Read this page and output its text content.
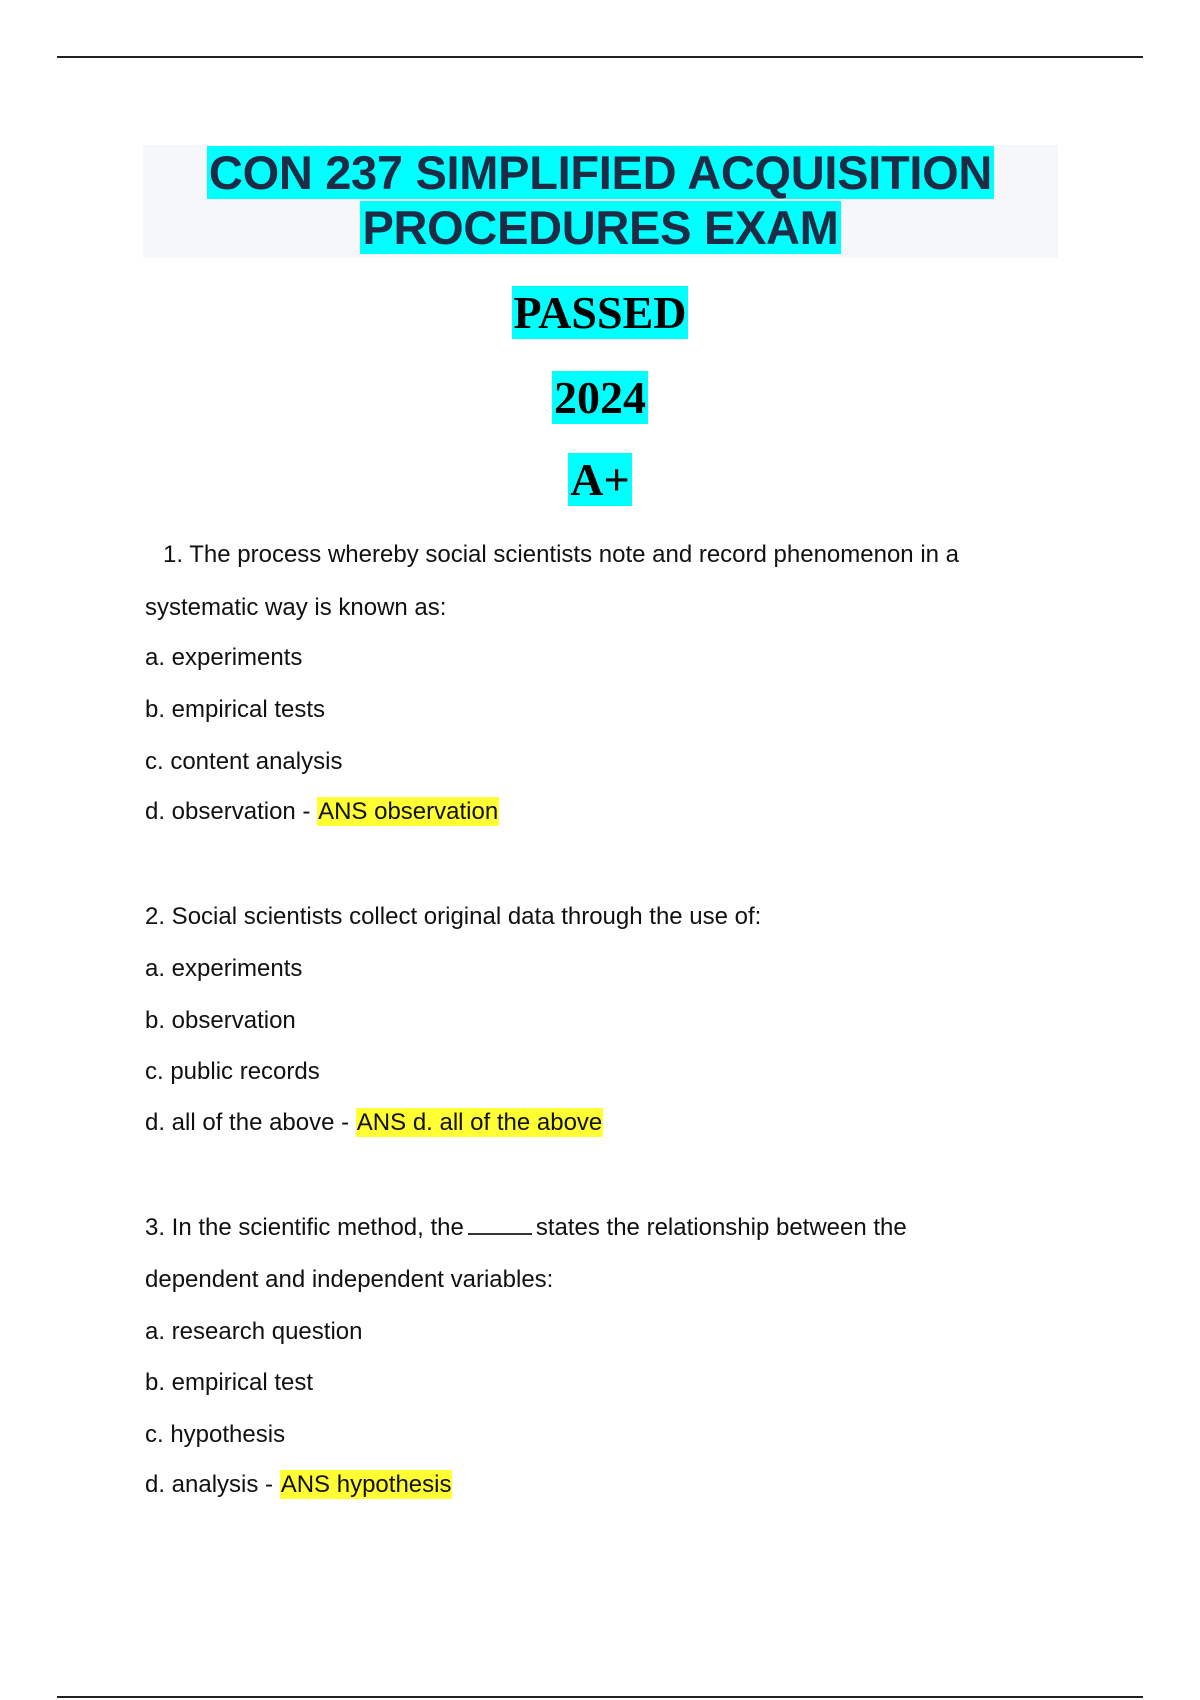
CON 237 SIMPLIFIED ACQUISITION
PROCEDURES EXAM
PASSED
2024
A+
1. The process whereby social scientists note and record phenomenon in a
systematic way is known as:
a. experiments
b. empirical tests
c. content analysis
d. observation - ANS observation
2. Social scientists collect original data through the use of:
a. experiments
b. observation
c. public records
d. all of the above - ANS d. all of the above
3. In the scientific method, the	states the relationship between the
dependent and independent variables:
a. research question
b. empirical test
c. hypothesis
d. analysis - ANS hypothesis
